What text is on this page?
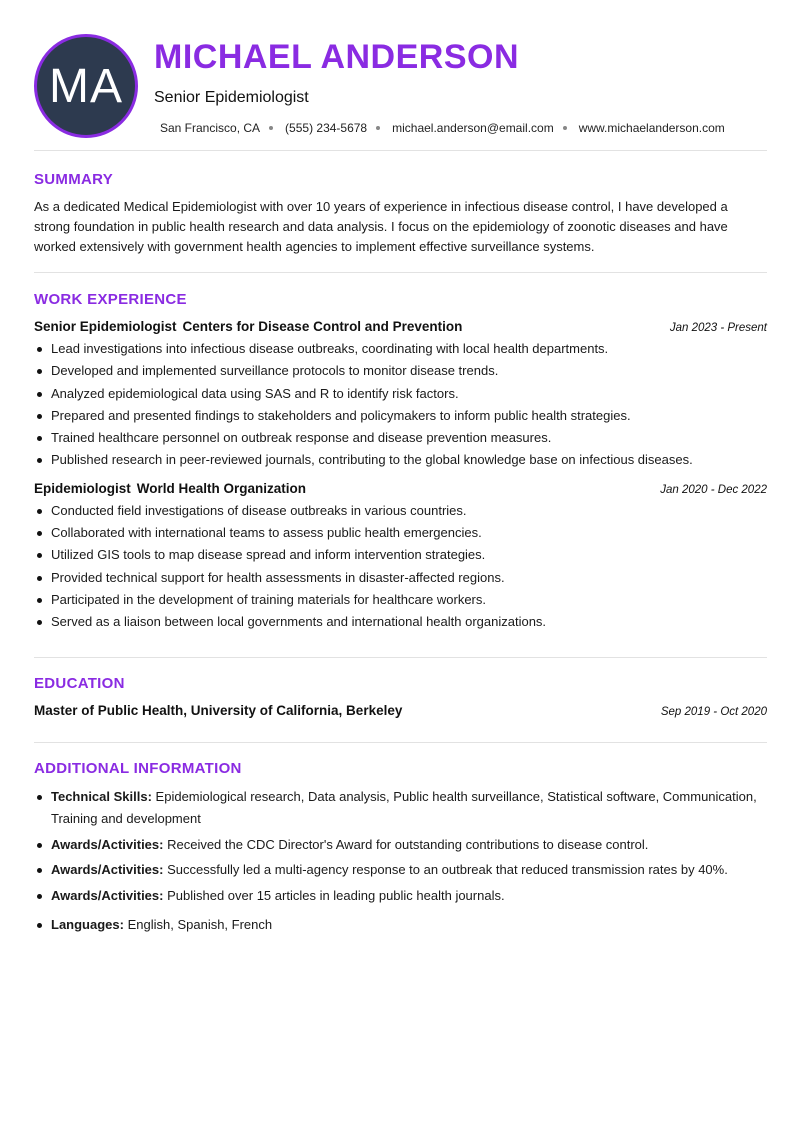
MA
MICHAEL ANDERSON
Senior Epidemiologist
San Francisco, CA (555) 234-5678 michael.anderson@email.com www.michaelanderson.com
SUMMARY
As a dedicated Medical Epidemiologist with over 10 years of experience in infectious disease control, I have developed a strong foundation in public health research and data analysis. I focus on the epidemiology of zoonotic diseases and have worked extensively with government health agencies to implement effective surveillance systems.
WORK EXPERIENCE
Senior Epidemiologist Centers for Disease Control and Prevention	Jan 2023 - Present
Lead investigations into infectious disease outbreaks, coordinating with local health departments.
Developed and implemented surveillance protocols to monitor disease trends.
Analyzed epidemiological data using SAS and R to identify risk factors.
Prepared and presented findings to stakeholders and policymakers to inform public health strategies.
Trained healthcare personnel on outbreak response and disease prevention measures.
Published research in peer-reviewed journals, contributing to the global knowledge base on infectious diseases.
Epidemiologist World Health Organization	Jan 2020 - Dec 2022
Conducted field investigations of disease outbreaks in various countries.
Collaborated with international teams to assess public health emergencies.
Utilized GIS tools to map disease spread and inform intervention strategies.
Provided technical support for health assessments in disaster-affected regions.
Participated in the development of training materials for healthcare workers.
Served as a liaison between local governments and international health organizations.
EDUCATION
Master of Public Health, University of California, Berkeley	Sep 2019 - Oct 2020
ADDITIONAL INFORMATION
Technical Skills: Epidemiological research, Data analysis, Public health surveillance, Statistical software, Communication, Training and development
Awards/Activities: Received the CDC Director's Award for outstanding contributions to disease control.
Awards/Activities: Successfully led a multi-agency response to an outbreak that reduced transmission rates by 40%.
Awards/Activities: Published over 15 articles in leading public health journals.
Languages: English, Spanish, French
